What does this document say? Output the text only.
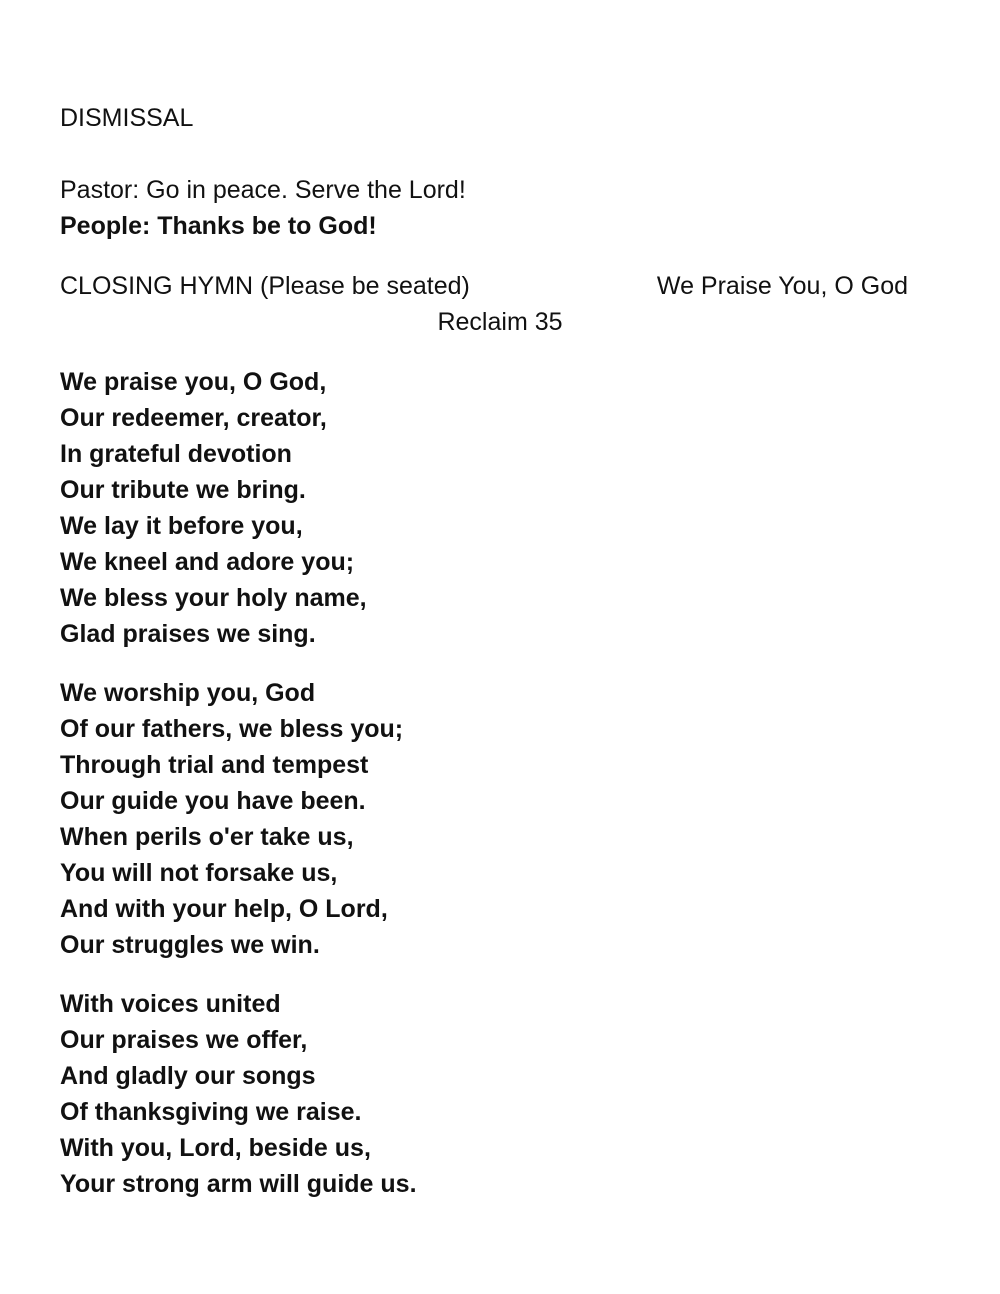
DISMISSAL
Pastor: Go in peace. Serve the Lord!
People: Thanks be to God!
CLOSING HYMN (Please be seated)	We Praise You, O God
Reclaim 35
We praise you, O God,
Our redeemer, creator,
In grateful devotion
Our tribute we bring.
We lay it before you,
We kneel and adore you;
We bless your holy name,
Glad praises we sing.
We worship you, God
Of our fathers, we bless you;
Through trial and tempest
Our guide you have been.
When perils o'er take us,
You will not forsake us,
And with your help, O Lord,
Our struggles we win.
With voices united
Our praises we offer,
And gladly our songs
Of thanksgiving we raise.
With you, Lord, beside us,
Your strong arm will guide us.
